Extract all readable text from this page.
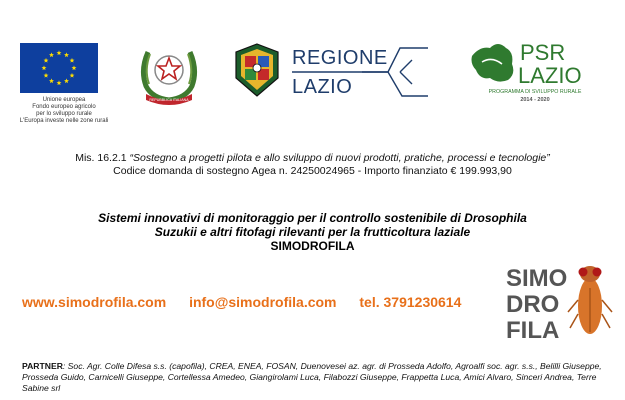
Unione europea
Fondo europeo agricolo
per lo sviluppo rurale
L'Europa investe nelle zone rurali
REPUBBLICA ITALIANA
REGIONE
LAZIO
PSR
LAZIO
PROGRAMMA DI SVILUPPO RURALE
2014 - 2020
Mis. 16.2.1 “Sostegno a progetti pilota e allo sviluppo di nuovi prodotti, pratiche, processi e tecnologie”
Codice domanda di sostegno Agea n. 24250024965 - Importo finanziato € 199.993,90
Sistemi innovativi di monitoraggio per il controllo sostenibile di Drosophila
Suzukii e altri fitofagi rilevanti per la frutticoltura laziale
SIMODROFILA
www.simodrofila.com info@simodrofila.com tel. 3791230614
SIMO
DRO
FILA
PARTNER: Soc. Agr. Colle Difesa s.s. (capofila), CREA, ENEA, FOSAN, Duenovesei az. agr. di Prosseda Adolfo, Agroalfi soc. agr. s.s., Belilli Giuseppe, Prosseda Guido, Carnicelli Giuseppe, Cortellessa Amedeo, Giangirolami Luca, Filabozzi Giuseppe, Frappetta Luca, Amici Alvaro, Sinceri Andrea, Terre Sabine srl
